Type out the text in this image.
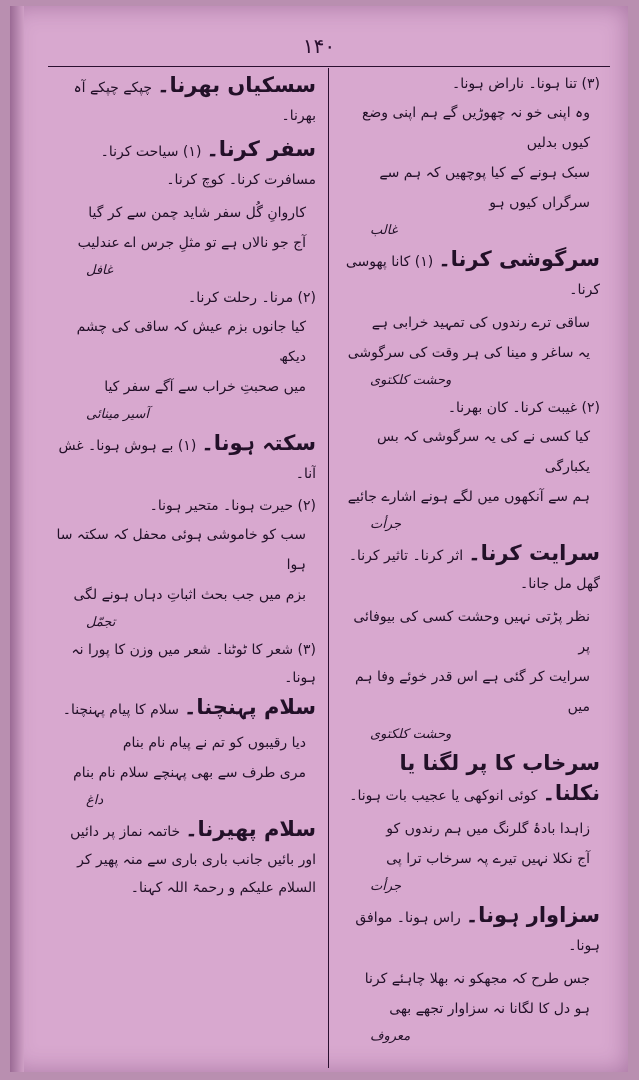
۱۴۰
(۳) تنا ہونا۔ ناراض ہونا۔
وہ اپنی خو نہ چھوڑیں گے ہم اپنی وضع کیوں بدلیں
سبک ہونے کے کیا پوچھیں کہ ہم سے سرگراں کیوں ہو
غالب
سرگوشی کرنا۔ (۱) کانا پھوسی کرنا۔
ساقی ترے رندوں کی تمہید خرابی ہے
یہ ساغر و مینا کی ہر وقت کی سرگوشی
وحشت کلکتوی
(۲) غیبت کرنا۔ کان بھرنا۔
کیا کسی نے کی یہ سرگوشی کہ بس یکبارگی
ہم سے آنکھوں میں لگے ہونے اشارے جائیے
جرأت
سرایت کرنا۔ اثر کرنا۔ تاثیر کرنا۔ گھل مل جانا۔
نظر پڑتی نہیں وحشت کسی کی بیوفائی پر
سرایت کر گئی ہے اس قدر خوئے وفا ہم میں
وحشت کلکتوی
سرخاب کا پر لگنا یا نکلنا۔ کوئی انوکھی یا عجیب بات ہونا۔
زاہدا بادۂ گلرنگ میں ہم رندوں کو
آج نکلا نہیں تیرے پہ سرخاب ترا پی
جرأت
سزاوار ہونا۔ راس ہونا۔ موافق ہونا۔
جس طرح کہ مجھکو نہ بھلا چاہئے کرنا
ہو دل کا لگانا نہ سزاوار تجھے بھی
معروف
سسکیاں بھرنا۔ چپکے چپکے آہ بھرنا۔
سفر کرنا۔ (۱) سیاحت کرنا۔ مسافرت کرنا۔ کوچ کرنا۔
کاروانِ گُل سفر شاید چمن سے کر گیا
آج جو نالاں ہے تو مثلِ جرس اے عندلیب
غافل
(۲) مرنا۔ رحلت کرنا۔
کیا جانوں بزم عیش کہ ساقی کی چشم دیکھ
میں صحبتِ خراب سے آگے سفر کیا
آسیر مینائی
سکتہ ہونا۔ (۱) بے ہوش ہونا۔ غش آنا۔
(۲) حیرت ہونا۔ متحیر ہونا۔
سب کو خاموشی ہوئی محفل کہ سکتہ سا ہوا
بزم میں جب بحث اثباتِ دہاں ہونے لگی
تجمّل
(۳) شعر کا ٹوٹنا۔ شعر میں وزن کا پورا نہ ہونا۔
سلام پہنچنا۔ سلام کا پیام پہنچنا۔
دیا رقیبوں کو تم نے پیام نام بنام
مری طرف سے بھی پہنچے سلام نام بنام
داغ
سلام پھیرنا۔ خاتمہ نماز پر دائیں اور بائیں جانب باری باری سے منہ پھیر کر السلام علیکم و رحمۃ اللہ کہنا۔
